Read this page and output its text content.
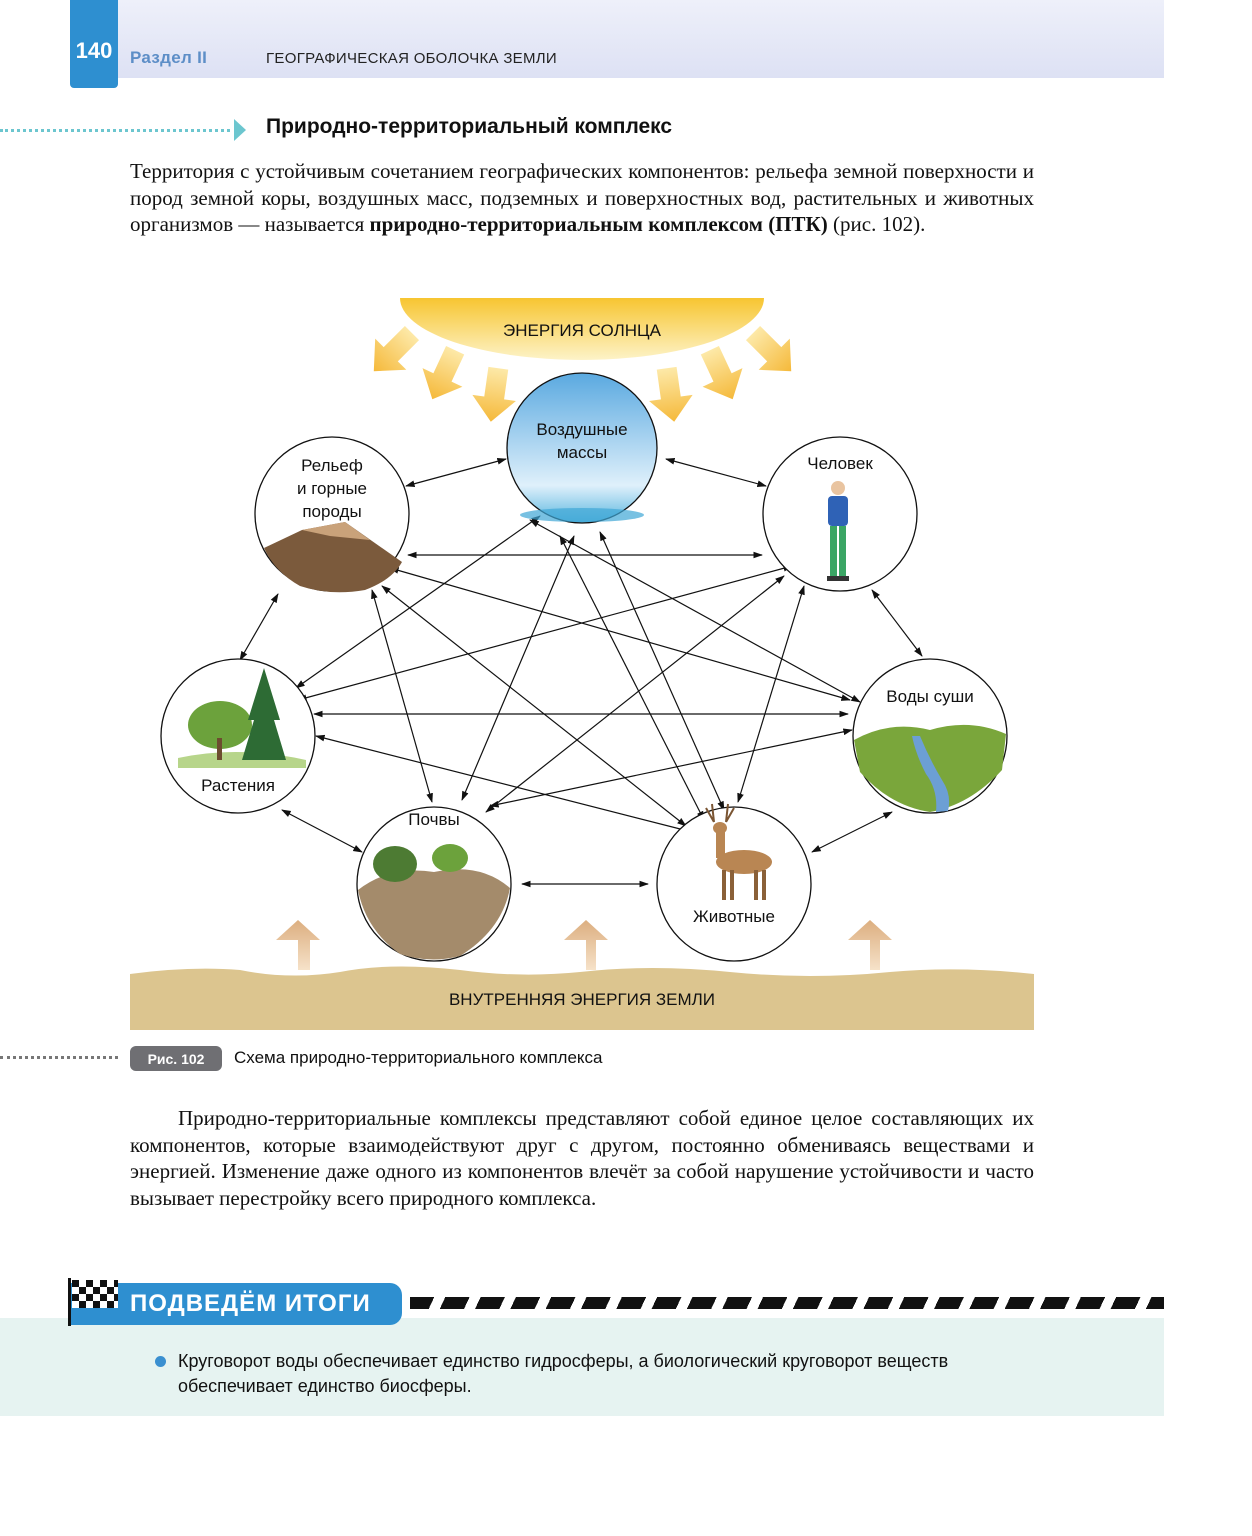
140	Раздел II	ГЕОГРАФИЧЕСКАЯ ОБОЛОЧКА ЗЕМЛИ
Природно-территориальный комплекс
Территория с устойчивым сочетанием географических компонентов: рельефа земной поверхности и пород земной коры, воздушных масс, подземных и поверхностных вод, растительных и животных организмов — называется природно-территориальным комплексом (ПТК) (рис. 102).
ЭНЕРГИЯ СОЛНЦА
Воздушные
массы
Рельеф
и горные
породы
Человек
Растения
Воды суши
Почвы
Животные
ВНУТРЕННЯЯ ЭНЕРГИЯ ЗЕМЛИ
Рис. 102	Схема природно-территориального комплекса
Природно-территориальные комплексы представляют собой единое целое составляющих их компонентов, которые взаимодействуют друг с другом, постоянно обмениваясь веществами и энергией. Изменение даже одного из компонентов влечёт за собой нарушение устойчивости и часто вызывает перестройку всего природного комплекса.
ПОДВЕДЁМ ИТОГИ
Круговорот воды обеспечивает единство гидросферы, а биологический круговорот веществ обеспечивает единство биосферы.
